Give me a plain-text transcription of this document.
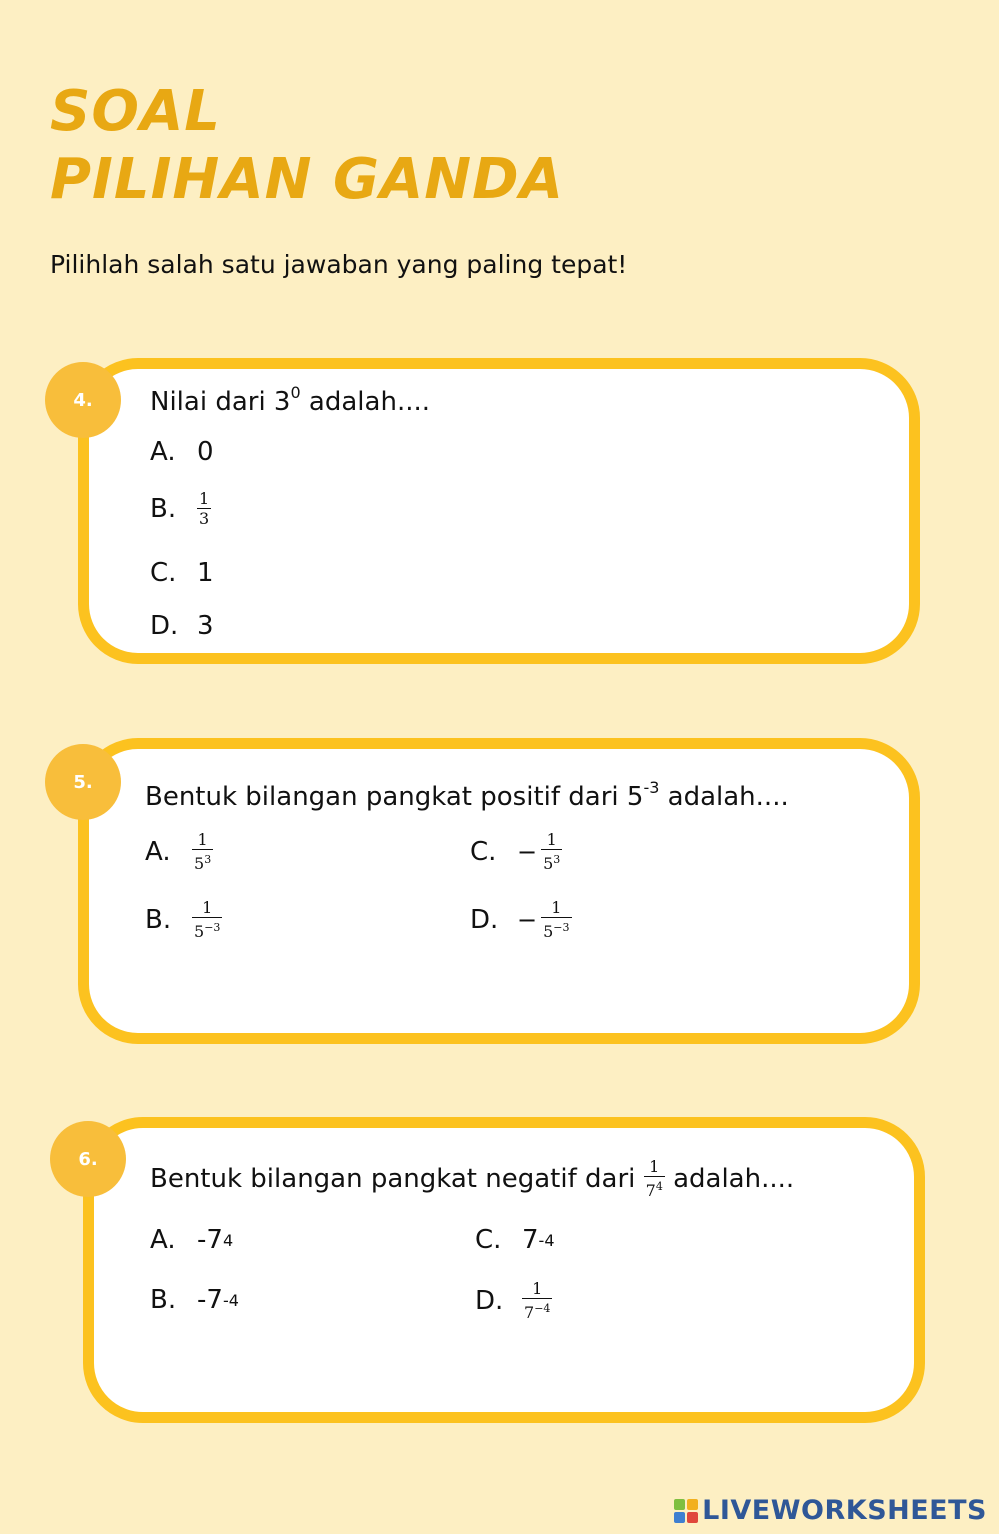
SOAL
PILIHAN GANDA
Pilihlah salah satu jawaban yang paling tepat!
4.	Nilai dari $3^0$ adalah....
A. 0
B.	$\frac{1}{3}$
C. 1
D. 3
5.	Bentuk bilangan pangkat positif dari $5^{-3}$ adalah....
A.	$\frac{1}{5^3}$
B.	$\frac{1}{5^{-3}}$
C. − $\frac{1}{5^3}$
D. − $\frac{1}{5^{-3}}$
6.
Bentuk bilangan pangkat negatif dari $\frac{1}{7^4}$ adalah....
A. -7 4
B. -7 -4
C. 7 -4
D.	$\frac{1}{7^{-4}}$
LIVEWORKSHEETS
